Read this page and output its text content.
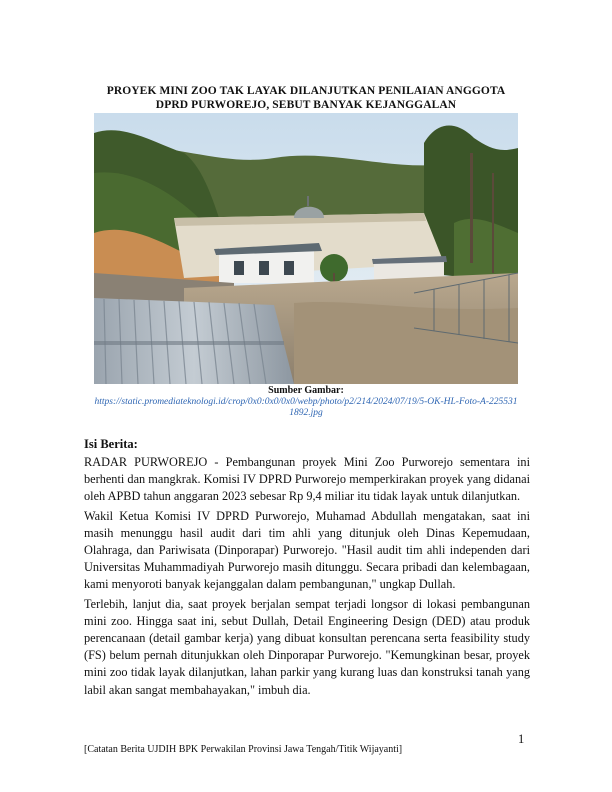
PROYEK MINI ZOO TAK LAYAK DILANJUTKAN PENILAIAN ANGGOTA
DPRD PURWOREJO, SEBUT BANYAK KEJANGGALAN
Sumber Gambar:
https://static.promediateknologi.id/crop/0x0:0x0/0x0/webp/photo/p2/214/2024/07/19/5-OK-HL-Foto-A-2255311892.jpg
Isi Berita:

RADAR PURWOREJO - Pembangunan proyek Mini Zoo Purworejo sementara ini berhenti dan mangkrak. Komisi IV DPRD Purworejo memperkirakan proyek yang didanai oleh APBD tahun anggaran 2023 sebesar Rp 9,4 miliar itu tidak layak untuk dilanjutkan.

Wakil Ketua Komisi IV DPRD Purworejo, Muhamad Abdullah mengatakan, saat ini masih menunggu hasil audit dari tim ahli yang ditunjuk oleh Dinas Kepemudaan, Olahraga, dan Pariwisata (Dinporapar) Purworejo. "Hasil audit tim ahli independen dari Universitas Muhammadiyah Purworejo masih ditunggu. Secara pribadi dan kelembagaan, kami menyoroti banyak kejanggalan dalam pembangunan," ungkap Dullah.

Terlebih, lanjut dia, saat proyek berjalan sempat terjadi longsor di lokasi pembangunan mini zoo. Hingga saat ini, sebut Dullah, Detail Engineering Design (DED) atau produk perencanaan (detail gambar kerja) yang dibuat konsultan perencana serta feasibility study (FS) belum pernah ditunjukkan oleh Dinporapar Purworejo. "Kemungkinan besar, proyek mini zoo tidak layak dilanjutkan, lahan parkir yang kurang luas dan konstruksi tanah yang labil akan sangat membahayakan," imbuh dia.

1
[Catatan Berita UJDIH BPK Perwakilan Provinsi Jawa Tengah/Titik Wijayanti]
